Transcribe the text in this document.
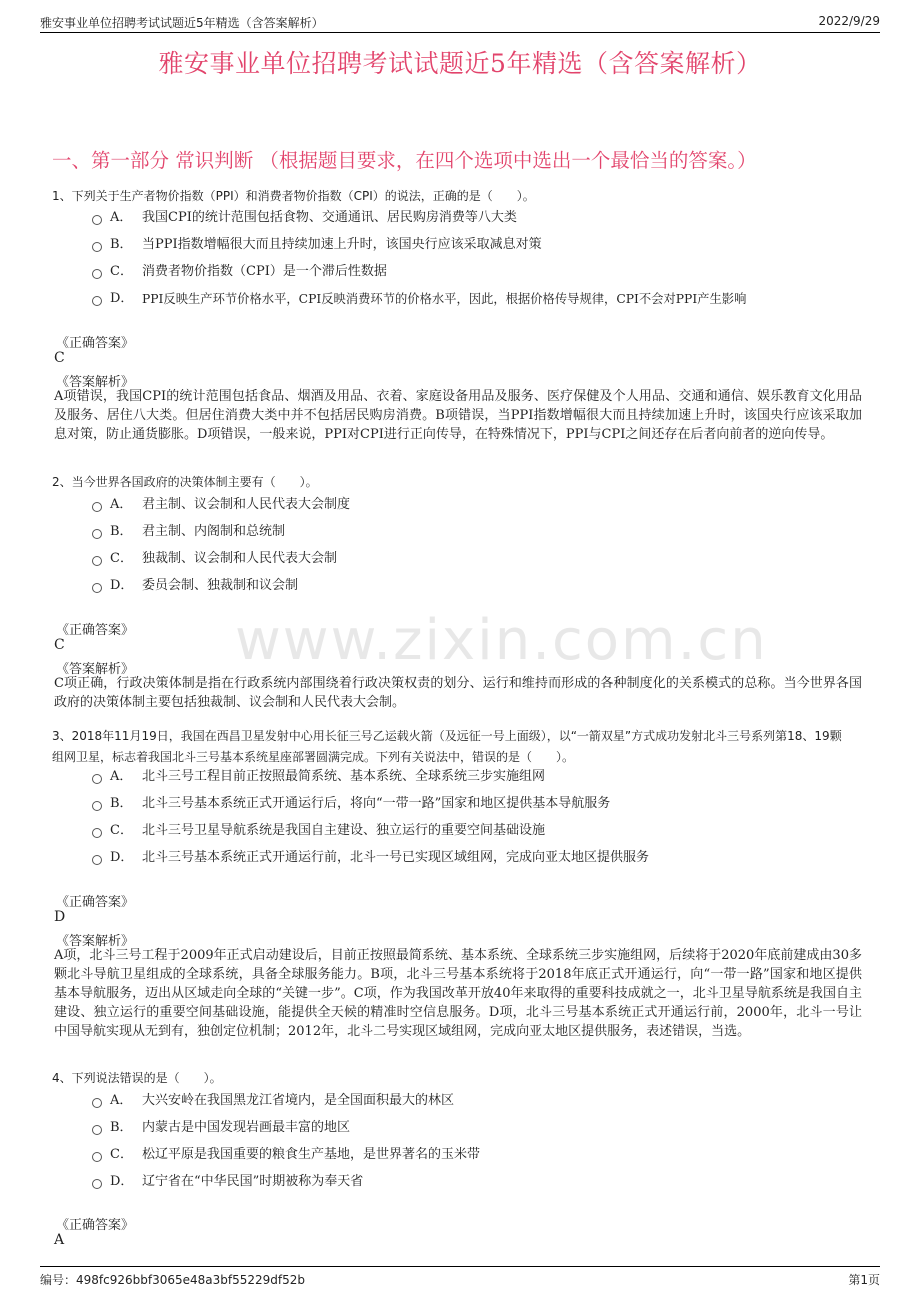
雅安事业单位招聘考试试题近5年精选（含答案解析）	2022/9/29
雅安事业单位招聘考试试题近5年精选（含答案解析）
一、第一部分 常识判断 （根据题目要求，在四个选项中选出一个最恰当的答案。）
www.zixin.com.cn
1、下列关于生产者物价指数（PPI）和消费者物价指数（CPI）的说法，正确的是（　　）。
A． 我国CPI的统计范围包括食物、交通通讯、居民购房消费等八大类
B． 当PPI指数增幅很大而且持续加速上升时，该国央行应该采取减息对策
C． 消费者物价指数（CPI）是一个滞后性数据
D． PPI反映生产环节价格水平，CPI反映消费环节的价格水平，因此，根据价格传导规律，CPI不会对PPI产生影响
《正确答案》
C
《答案解析》
A项错误，我国CPI的统计范围包括食品、烟酒及用品、衣着、家庭设备用品及服务、医疗保健及个人用品、交通和通信、娱乐教育文化用品及服务、居住八大类。但居住消费大类中并不包括居民购房消费。B项错误，当PPI指数增幅很大而且持续加速上升时，该国央行应该采取加息对策，防止通货膨胀。D项错误，一般来说，PPI对CPI进行正向传导，在特殊情况下，PPI与CPI之间还存在后者向前者的逆向传导。
2、当今世界各国政府的决策体制主要有（　　）。
A． 君主制、议会制和人民代表大会制度
B． 君主制、内阁制和总统制
C． 独裁制、议会制和人民代表大会制
D． 委员会制、独裁制和议会制
《正确答案》
C
《答案解析》
C项正确，行政决策体制是指在行政系统内部围绕着行政决策权责的划分、运行和维持而形成的各种制度化的关系模式的总称。当今世界各国政府的决策体制主要包括独裁制、议会制和人民代表大会制。
3、2018年11月19日，我国在西昌卫星发射中心用长征三号乙运载火箭（及远征一号上面级），以“一箭双星”方式成功发射北斗三号系列第18、19颗组网卫星，标志着我国北斗三号基本系统星座部署圆满完成。下列有关说法中，错误的是（　　）。
A． 北斗三号工程目前正按照最简系统、基本系统、全球系统三步实施组网
B． 北斗三号基本系统正式开通运行后，将向“一带一路”国家和地区提供基本导航服务
C． 北斗三号卫星导航系统是我国自主建设、独立运行的重要空间基础设施
D． 北斗三号基本系统正式开通运行前，北斗一号已实现区域组网，完成向亚太地区提供服务
《正确答案》
D
《答案解析》
A项，北斗三号工程于2009年正式启动建设后，目前正按照最简系统、基本系统、全球系统三步实施组网，后续将于2020年底前建成由30多颗北斗导航卫星组成的全球系统，具备全球服务能力。B项，北斗三号基本系统将于2018年底正式开通运行，向“一带一路”国家和地区提供基本导航服务，迈出从区域走向全球的“关键一步”。C项，作为我国改革开放40年来取得的重要科技成就之一，北斗卫星导航系统是我国自主建设、独立运行的重要空间基础设施，能提供全天候的精准时空信息服务。D项，北斗三号基本系统正式开通运行前，2000年，北斗一号让中国导航实现从无到有，独创定位机制；2012年，北斗二号实现区域组网，完成向亚太地区提供服务，表述错误，当选。
4、下列说法错误的是（　　）。
A． 大兴安岭在我国黑龙江省境内，是全国面积最大的林区
B． 内蒙古是中国发现岩画最丰富的地区
C． 松辽平原是我国重要的粮食生产基地，是世界著名的玉米带
D． 辽宁省在“中华民国”时期被称为奉天省
《正确答案》
A
编号：498fc926bbf3065e48a3bf55229df52b	第1页
